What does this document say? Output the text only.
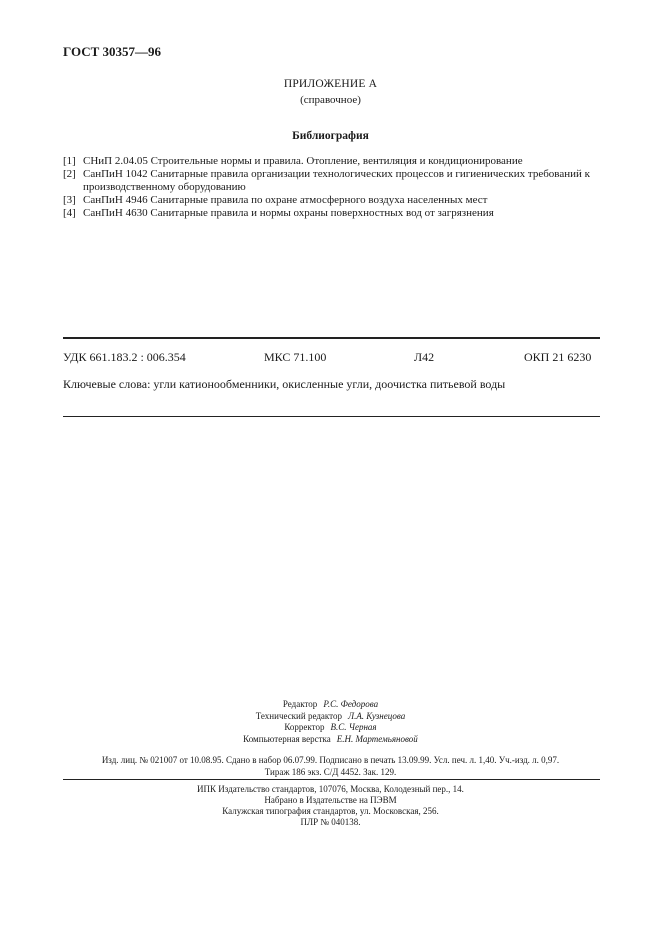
ГОСТ 30357—96
ПРИЛОЖЕНИЕ А
(справочное)
Библиография
[1] СНиП 2.04.05 Строительные нормы и правила. Отопление, вентиляция и кондиционирование
[2] СанПиН 1042 Санитарные правила организации технологических процессов и гигиенических требований к производственному оборудованию
[3] СанПиН 4946 Санитарные правила по охране атмосферного воздуха населенных мест
[4] СанПиН 4630 Санитарные правила и нормы охраны поверхностных вод от загрязнения
УДК 661.183.2 : 006.354	МКС 71.100	Л42	ОКП 21 6230
Ключевые слова: угли катионообменники, окисленные угли, доочистка питьевой воды
Редактор Р.С. Федорова
Технический редактор Л.А. Кузнецова
Корректор В.С. Черная
Компьютерная верстка Е.Н. Мартемьяновой
Изд. лиц. № 021007 от 10.08.95. Сдано в набор 06.07.99. Подписано в печать 13.09.99. Усл. печ. л. 1,40. Уч.-изд. л. 0,97.
Тираж 186 экз. С/Д 4452. Зак. 129.
ИПК Издательство стандартов, 107076, Москва, Колодезный пер., 14.
Набрано в Издательстве на ПЭВМ
Калужская типография стандартов, ул. Московская, 256.
ПЛР № 040138.
